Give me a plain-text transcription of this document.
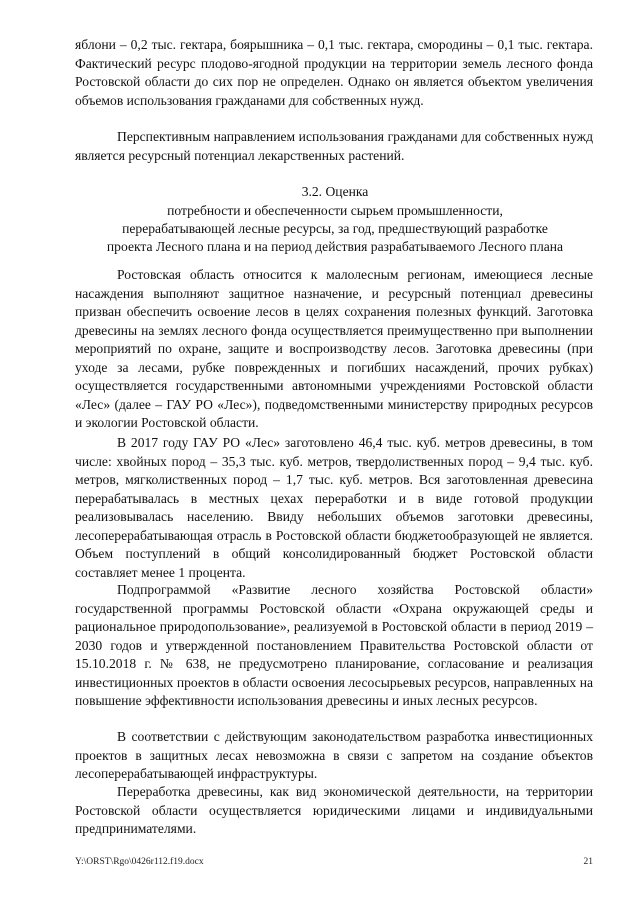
яблони – 0,2 тыс. гектара, боярышника – 0,1 тыс. гектара, смородины – 0,1 тыс. гектара. Фактический ресурс плодово-ягодной продукции на территории земель лесного фонда Ростовской области до сих пор не определен. Однако он является объектом увеличения объемов использования гражданами для собственных нужд.

Перспективным направлением использования гражданами для собственных нужд является ресурсный потенциал лекарственных растений.

3.2. Оценка

потребности и обеспеченности сырьем промышленности,

перерабатывающей лесные ресурсы, за год, предшествующий разработке

проекта Лесного плана и на период действия разрабатываемого Лесного плана

Ростовская область относится к малолесным регионам, имеющиеся лесные насаждения выполняют защитное назначение, и ресурсный потенциал древесины призван обеспечить освоение лесов в целях сохранения полезных функций. Заготовка древесины на землях лесного фонда осуществляется преимущественно при выполнении мероприятий по охране, защите и воспроизводству лесов. Заготовка древесины (при уходе за лесами, рубке поврежденных и погибших насаждений, прочих рубках) осуществляется государственными автономными учреждениями Ростовской области «Лес» (далее – ГАУ РО «Лес»), подведомственными министерству природных ресурсов и экологии Ростовской области.

В 2017 году ГАУ РО «Лес» заготовлено 46,4 тыс. куб. метров древесины, в том числе: хвойных пород – 35,3 тыс. куб. метров, твердолиственных пород – 9,4 тыс. куб. метров, мягколиственных пород – 1,7 тыс. куб. метров. Вся заготовленная древесина перерабатывалась в местных цехах переработки и в виде готовой продукции реализовывалась населению. Ввиду небольших объемов заготовки древесины, лесоперерабатывающая отрасль в Ростовской области бюджетообразующей не является. Объем поступлений в общий консолидированный бюджет Ростовской области составляет менее 1 процента.

Подпрограммой «Развитие лесного хозяйства Ростовской области» государственной программы Ростовской области «Охрана окружающей среды и рациональное природопользование», реализуемой в Ростовской области в период 2019 – 2030 годов и утвержденной постановлением Правительства Ростовской области от 15.10.2018 г. № 638, не предусмотрено планирование, согласование и реализация инвестиционных проектов в области освоения лесосырьевых ресурсов, направленных на повышение эффективности использования древесины и иных лесных ресурсов.

В соответствии с действующим законодательством разработка инвестиционных проектов в защитных лесах невозможна в связи с запретом на создание объектов лесоперерабатывающей инфраструктуры.

Переработка древесины, как вид экономической деятельности, на территории Ростовской области осуществляется юридическими лицами и индивидуальными предпринимателями.

Y:\ORST\Rgo\0426r112.f19.docx	21
